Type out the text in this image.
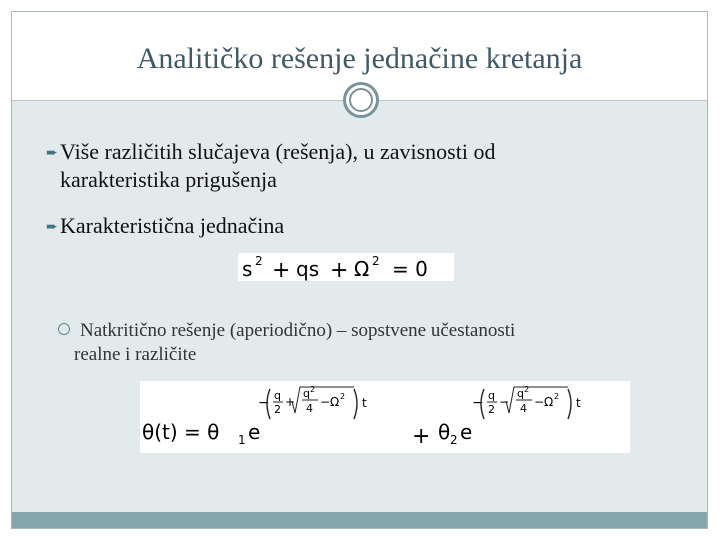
Analitičko rešenje jednačine kretanja
➨ Više različitih slučajeva (rešenja), u zavisnosti od
karakteristika prigušenja
➨ Karakteristična jednačina
s 2 + qs + Ω 2 = 0
Natkritično rešenje (aperiodično) – sopstvene učestanosti
realne i različite
θ(t) = θ 1 e
− q
2
+
q 2
4 − Ω 2 t
+ θ 2 e
− q
2
−
q 2
4 − Ω 2 t
